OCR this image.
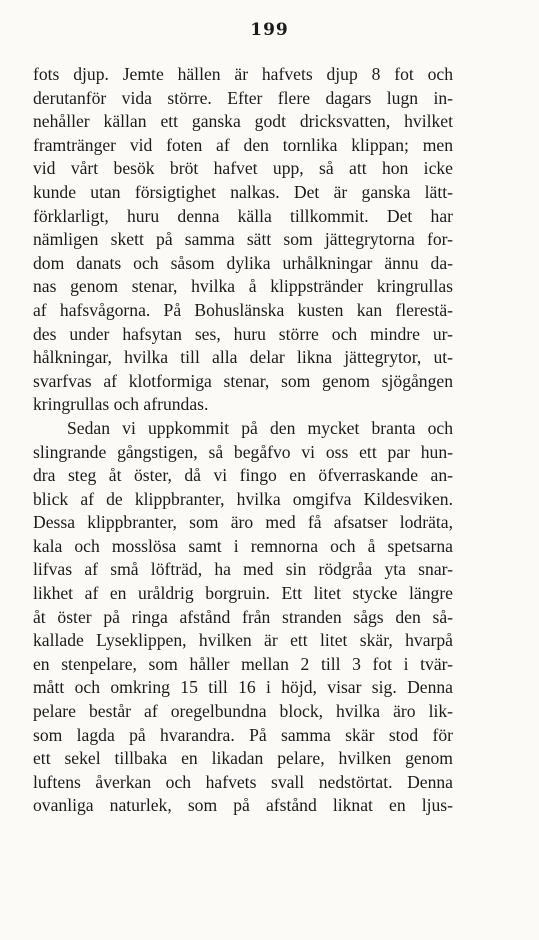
199
fots djup. Jemte hällen är hafvets djup 8 fot och
derutanför vida större. Efter flere dagars lugn in-
nehåller källan ett ganska godt dricksvatten, hvilket
framtränger vid foten af den tornlika klippan; men
vid vårt besök bröt hafvet upp, så att hon icke
kunde utan försigtighet nalkas. Det är ganska lätt-
förklarligt, huru denna källa tillkommit. Det har
nämligen skett på samma sätt som jättegrytorna for-
dom danats och såsom dylika urhålkningar ännu da-
nas genom stenar, hvilka å klippstränder kringrullas
af hafsvågorna. På Bohuslänska kusten kan flerestä-
des under hafsytan ses, huru större och mindre ur-
hålkningar, hvilka till alla delar likna jättegrytor, ut-
svarfvas af klotformiga stenar, som genom sjögången
kringrullas och afrundas.
Sedan vi uppkommit på den mycket branta och
slingrande gångstigen, så begåfvo vi oss ett par hun-
dra steg åt öster, då vi fingo en öfverraskande an-
blick af de klippbranter, hvilka omgifva Kildesviken.
Dessa klippbranter, som äro med få afsatser lodräta,
kala och mosslösa samt i remnorna och å spetsarna
lifvas af små löfträd, ha med sin rödgråa yta snar-
likhet af en uråldrig borgruin. Ett litet stycke längre
åt öster på ringa afstånd från stranden sågs den så-
kallade Lyseklippen, hvilken är ett litet skär, hvarpå
en stenpelare, som håller mellan 2 till 3 fot i tvär-
mått och omkring 15 till 16 i höjd, visar sig. Denna
pelare består af oregelbundna block, hvilka äro lik-
som lagda på hvarandra. På samma skär stod för
ett sekel tillbaka en likadan pelare, hvilken genom
luftens åverkan och hafvets svall nedstörtat. Denna
ovanliga naturlek, som på afstånd liknat en ljus-
